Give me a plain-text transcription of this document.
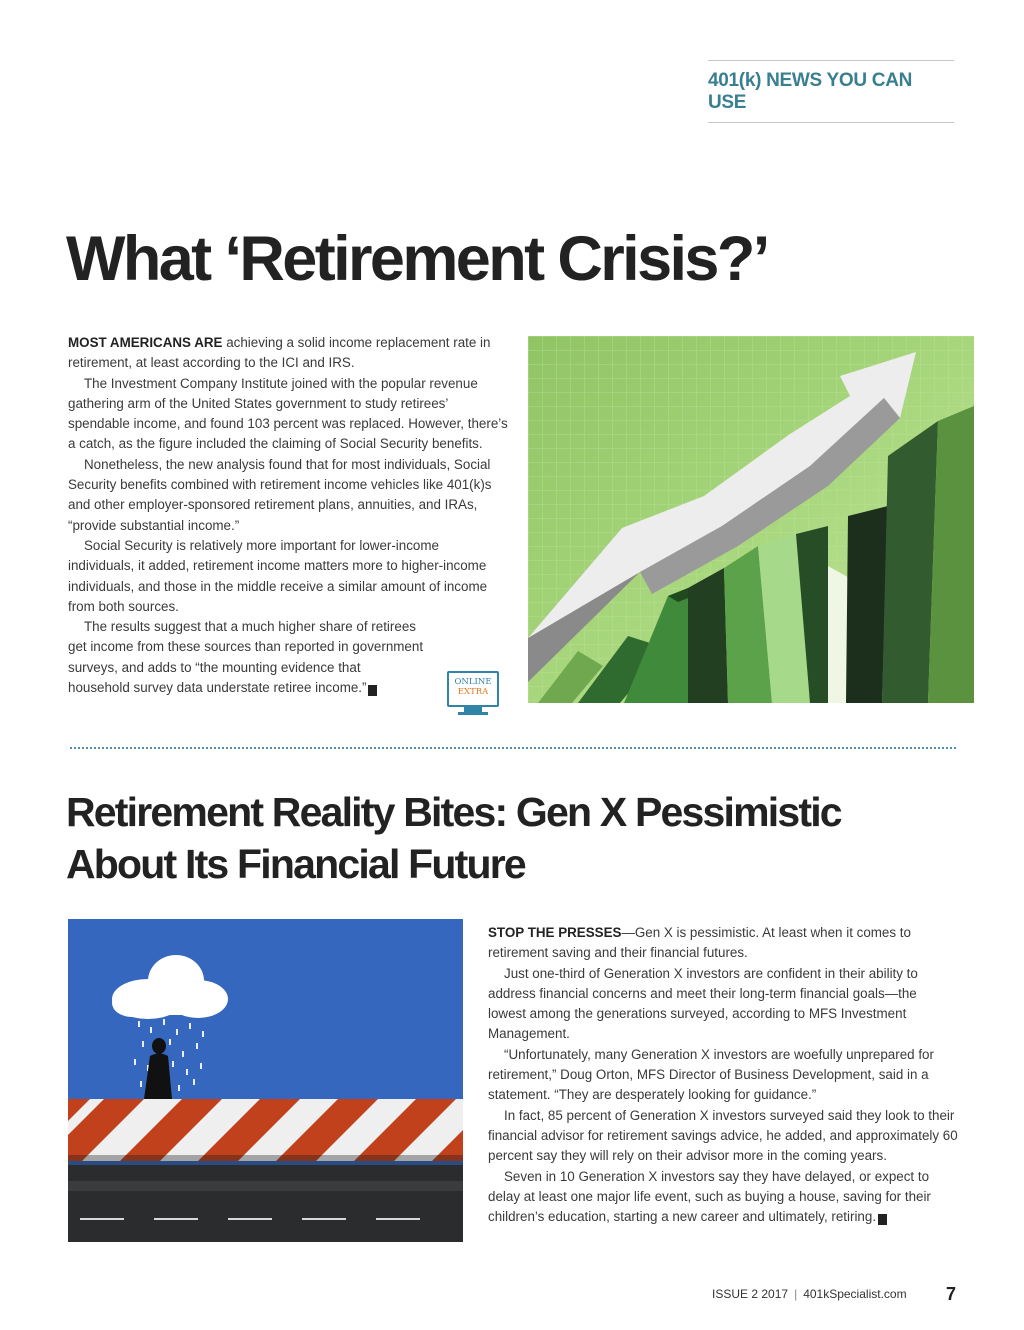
401(k) NEWS YOU CAN USE
What ‘Retirement Crisis?’

MOST AMERICANS ARE achieving a solid income replacement rate in retirement, at least according to the ICI and IRS.

The Investment Company Institute joined with the popular revenue gathering arm of the United States government to study retirees’ spendable income, and found 103 percent was replaced. However, there’s a catch, as the figure included the claiming of Social Security benefits.

Nonetheless, the new analysis found that for most individuals, Social Security benefits combined with retirement income vehicles like 401(k)s and other employer-sponsored retirement plans, annuities, and IRAs, “provide substantial income.”

Social Security is relatively more important for lower-income individuals, it added, retirement income matters more to higher-income individuals, and those in the middle receive a similar amount of income from both sources.

The results suggest that a much higher share of retirees get income from these sources than reported in government surveys, and adds to “the mounting evidence that household survey data understate retiree income.” K

ONLINE
EXTRA
Retirement Reality Bites: Gen X Pessimistic About Its Financial Future

STOP THE PRESSES—Gen X is pessimistic. At least when it comes to retirement saving and their financial futures.

Just one-third of Generation X investors are confident in their ability to address financial concerns and meet their long-term financial goals—the lowest among the generations surveyed, according to MFS Investment Management.

“Unfortunately, many Generation X investors are woefully unprepared for retirement,” Doug Orton, MFS Director of Business Development, said in a statement. “They are desperately looking for guidance.”

In fact, 85 percent of Generation X investors surveyed said they look to their financial advisor for retirement savings advice, he added, and approximately 60 percent say they will rely on their advisor more in the coming years.

Seven in 10 Generation X investors say they have delayed, or expect to delay at least one major life event, such as buying a house, saving for their children’s education, starting a new career and ultimately, retiring. K

ISSUE 2 2017 | 401kSpecialist.com 7
